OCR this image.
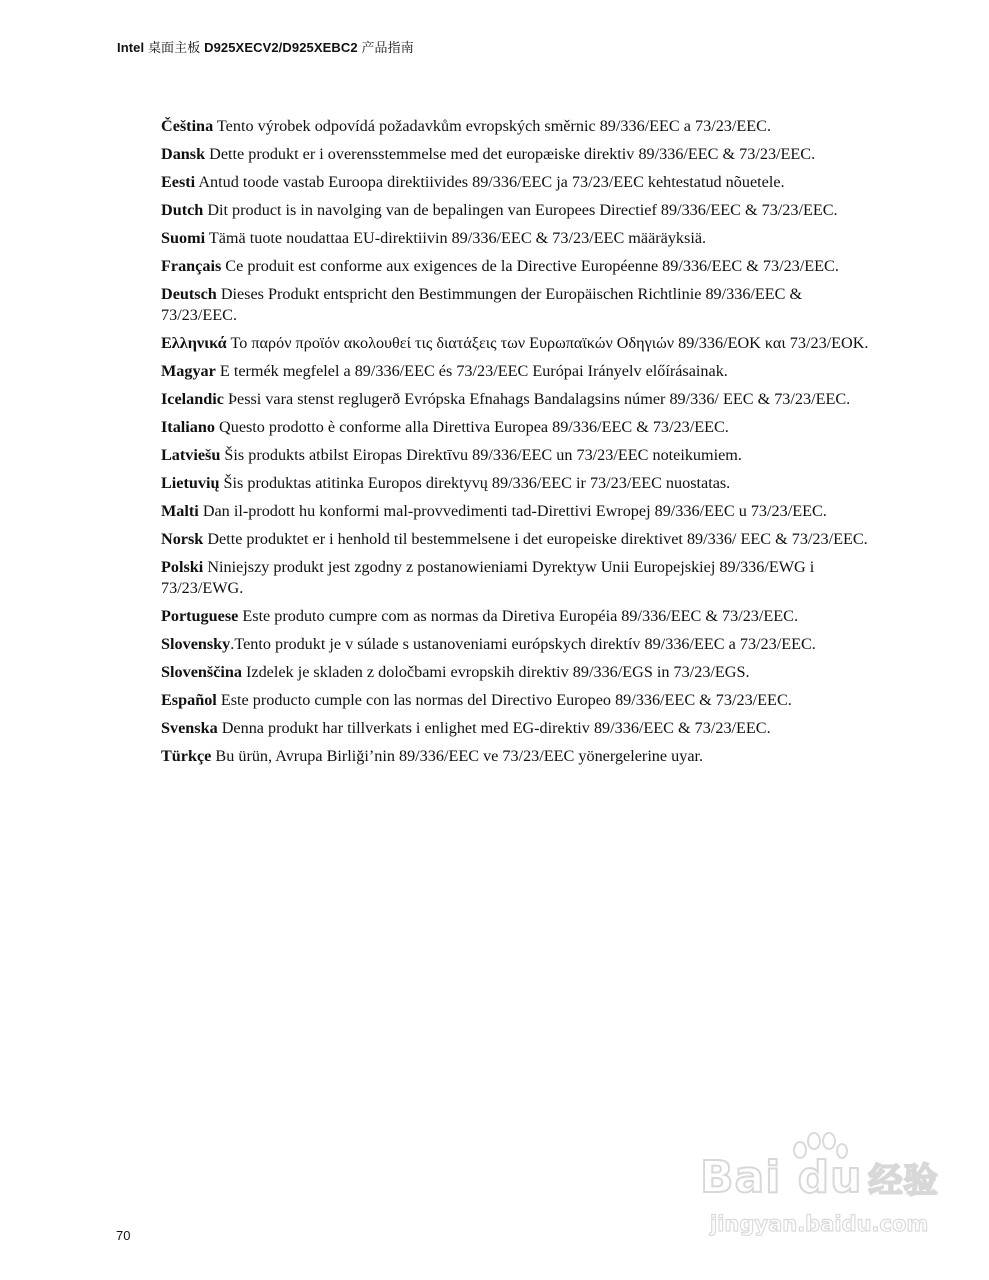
Intel 桌面主板 D925XECV2/D925XEBC2 产品指南
Čeština Tento výrobek odpovídá požadavkům evropských směrnic 89/336/EEC a 73/23/EEC.
Dansk Dette produkt er i overensstemmelse med det europæiske direktiv 89/336/EEC & 73/23/EEC.
Eesti Antud toode vastab Euroopa direktiivides 89/336/EEC ja 73/23/EEC kehtestatud nõuetele.
Dutch Dit product is in navolging van de bepalingen van Europees Directief 89/336/EEC & 73/23/EEC.
Suomi Tämä tuote noudattaa EU-direktiivin 89/336/EEC & 73/23/EEC määräyksiä.
Français Ce produit est conforme aux exigences de la Directive Européenne 89/336/EEC & 73/23/EEC.
Deutsch Dieses Produkt entspricht den Bestimmungen der Europäischen Richtlinie 89/336/EEC & 73/23/EEC.
Ελληνικά Το παρόν προϊόν ακολουθεί τις διατάξεις των Ευρωπαϊκών Οδηγιών 89/336/ΕΟΚ και 73/23/ΕΟΚ.
Magyar E termék megfelel a 89/336/EEC és 73/23/EEC Európai Irányelv előírásainak.
Icelandic Þessi vara stenst reglugerð Evrópska Efnahags Bandalagsins númer 89/336/ EEC & 73/23/EEC.
Italiano Questo prodotto è conforme alla Direttiva Europea 89/336/EEC & 73/23/EEC.
Latviešu Šis produkts atbilst Eiropas Direktīvu 89/336/EEC un 73/23/EEC noteikumiem.
Lietuvių Šis produktas atitinka Europos direktyvų 89/336/EEC ir 73/23/EEC nuostatas.
Malti Dan il-prodott hu konformi mal-provvedimenti tad-Direttivi Ewropej 89/336/EEC u 73/23/EEC.
Norsk Dette produktet er i henhold til bestemmelsene i det europeiske direktivet 89/336/ EEC & 73/23/EEC.
Polski Niniejszy produkt jest zgodny z postanowieniami Dyrektyw Unii Europejskiej 89/336/EWG i 73/23/EWG.
Portuguese Este produto cumpre com as normas da Diretiva Européia 89/336/EEC & 73/23/EEC.
Slovensky.Tento produkt je v súlade s ustanoveniami európskych direktív 89/336/EEC a 73/23/EEC.
Slovenščina Izdelek je skladen z določbami evropskih direktiv 89/336/EGS in 73/23/EGS.
Español Este producto cumple con las normas del Directivo Europeo 89/336/EEC & 73/23/EEC.
Svenska Denna produkt har tillverkats i enlighet med EG-direktiv 89/336/EEC & 73/23/EEC.
Türkçe Bu ürün, Avrupa Birliği’nin 89/336/EEC ve 73/23/EEC yönergelerine uyar.
70
Bai du 经验
jingyan.baidu.com
